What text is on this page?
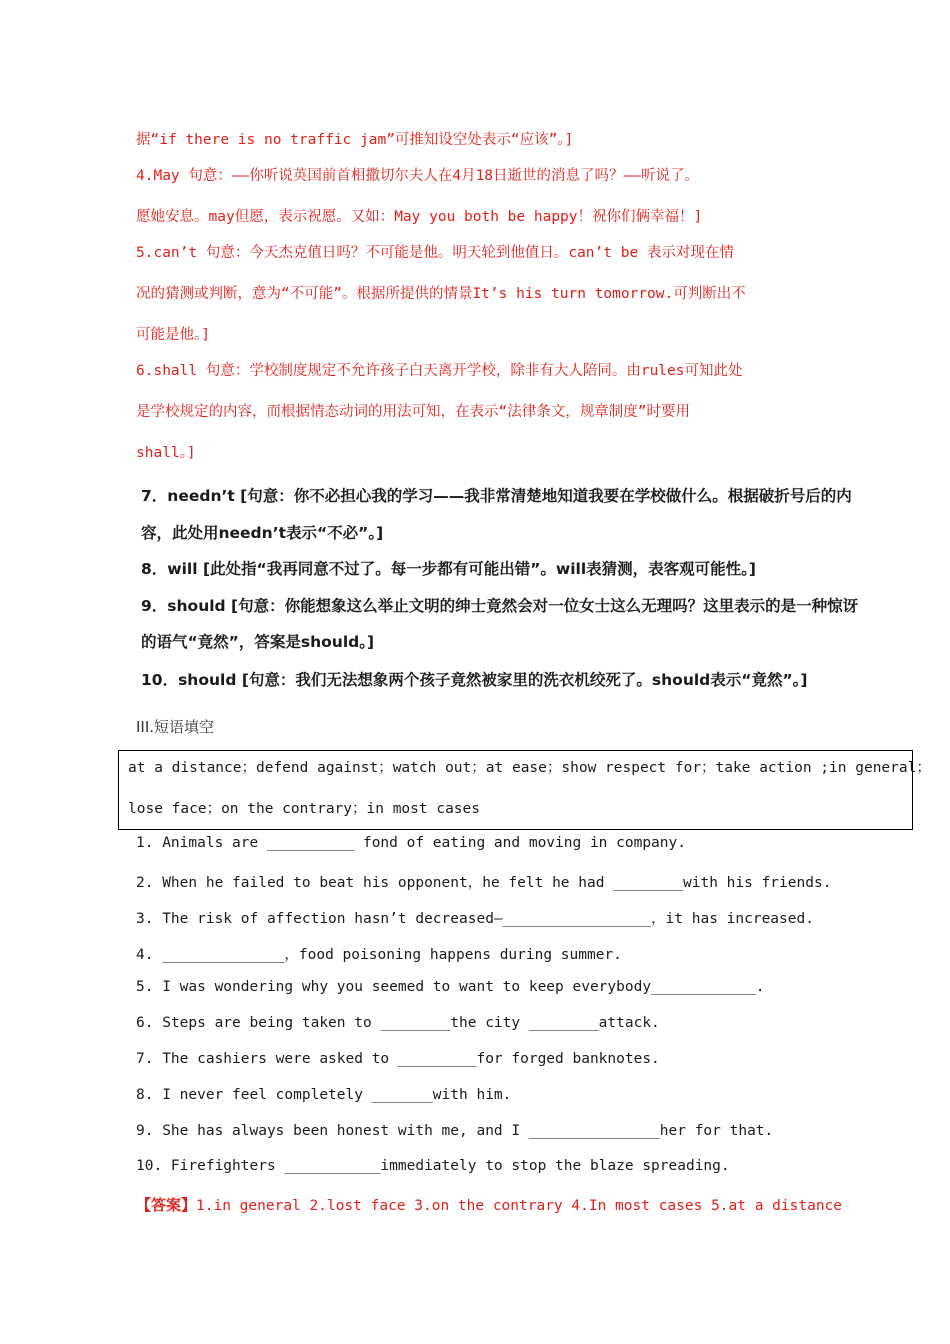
据“if there is no traffic jam”可推知设空处表示“应该”。]
4.May 句意：——你听说英国前首相撒切尔夫人在4月18日逝世的消息了吗？——听说了。
愿她安息。may但愿，表示祝愿。又如：May you both be happy！祝你们俩幸福！]
5.can’t 句意：今天杰克值日吗？不可能是他。明天轮到他值日。can’t be 表示对现在情
况的猜测或判断，意为“不可能”。根据所提供的情景It’s his turn tomorrow.可判断出不
可能是他。]
6.shall 句意：学校制度规定不允许孩子白天离开学校，除非有大人陪同。由rules可知此处
是学校规定的内容，而根据情态动词的用法可知，在表示“法律条文，规章制度”时要用
shall。]
7．needn’t [句意：你不必担心我的学习——我非常清楚地知道我要在学校做什么。根据破折号后的内
容，此处用needn’t表示“不必”。]
8．will [此处指“我再同意不过了。每一步都有可能出错”。will表猜测，表客观可能性。]
9．should [句意：你能想象这么举止文明的绅士竟然会对一位女士这么无理吗？这里表示的是一种惊讶
的语气“竟然”，答案是should。]
10．should [句意：我们无法想象两个孩子竟然被家里的洗衣机绞死了。should表示“竟然”。]
III.短语填空
at a distance；defend against；watch out；at ease；show respect for；take action ;in general；
lose face；on the contrary；in most cases
1. Animals are __________ fond of eating and moving in company.
2. When he failed to beat his opponent，he felt he had ________with his friends.
3. The risk of affection hasn’t decreased—_________________，it has increased.
4. ______________，food poisoning happens during summer.
5. I was wondering why you seemed to want to keep everybody____________.
6. Steps are being taken to ________the city ________attack.
7. The cashiers were asked to _________for forged banknotes.
8. I never feel completely _______with him.
9. She has always been honest with me, and I _______________her for that.
10. Firefighters ___________immediately to stop the blaze spreading.
【答案】1.in general 2.lost face 3.on the contrary 4.In most cases 5.at a distance
